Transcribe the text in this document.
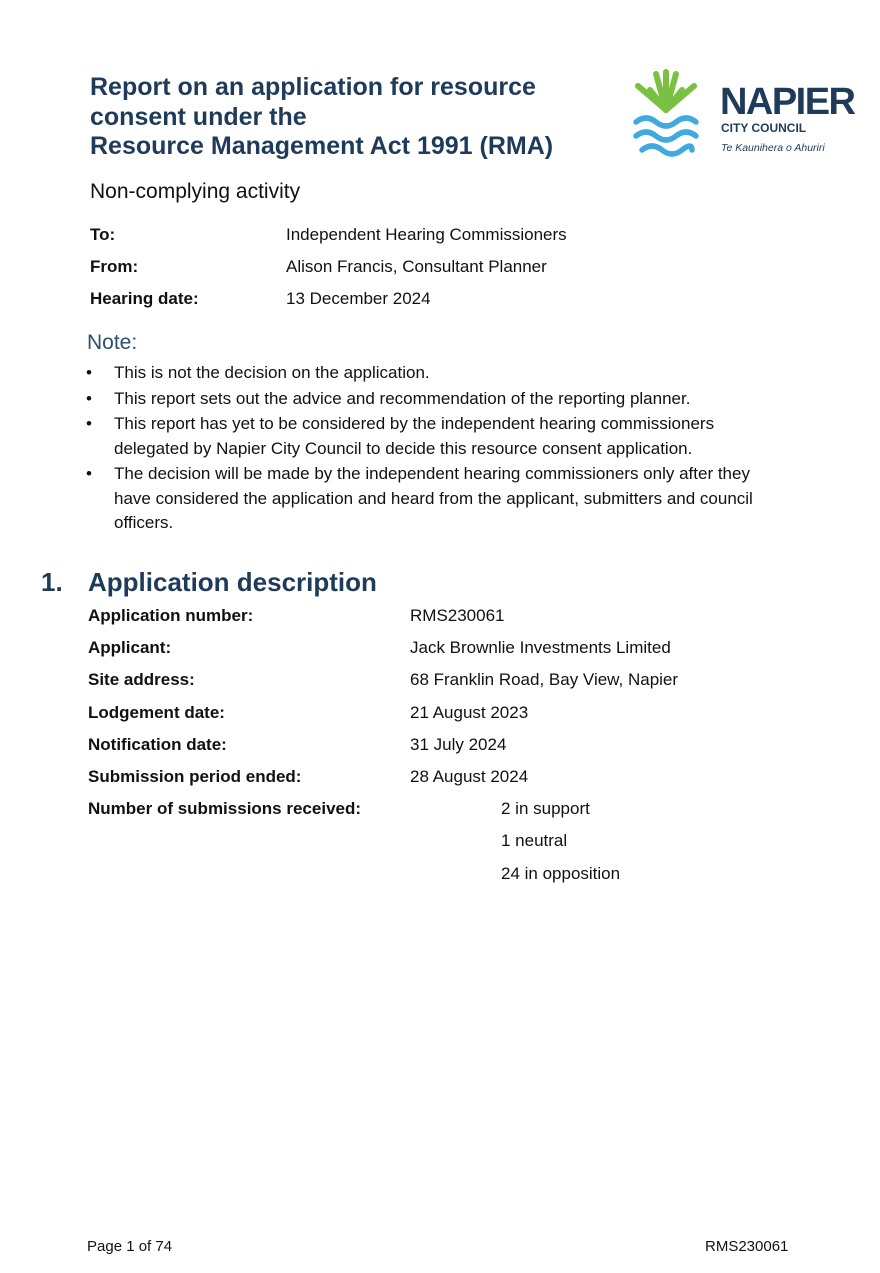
Report on an application for resource
consent under the
Resource Management Act 1991 (RMA)
NAPIER
CITY COUNCIL
Te Kaunihera o Ahuriri
Non-complying activity
To:	Independent Hearing Commissioners
From:	Alison Francis, Consultant Planner
Hearing date:	13 December 2024
Note:
• This is not the decision on the application.
• This report sets out the advice and recommendation of the reporting planner.
• This report has yet to be considered by the independent hearing commissioners delegated by Napier City Council to decide this resource consent application.
• The decision will be made by the independent hearing commissioners only after they have considered the application and heard from the applicant, submitters and council officers.
1. Application description
Application number:	RMS230061
Applicant:	Jack Brownlie Investments Limited
Site address:	68 Franklin Road, Bay View, Napier
Lodgement date:	21 August 2023
Notification date:	31 July 2024
Submission period ended:	28 August 2024
Number of submissions received:	2 in support
1 neutral
24 in opposition
Page 1 of 74	RMS230061
